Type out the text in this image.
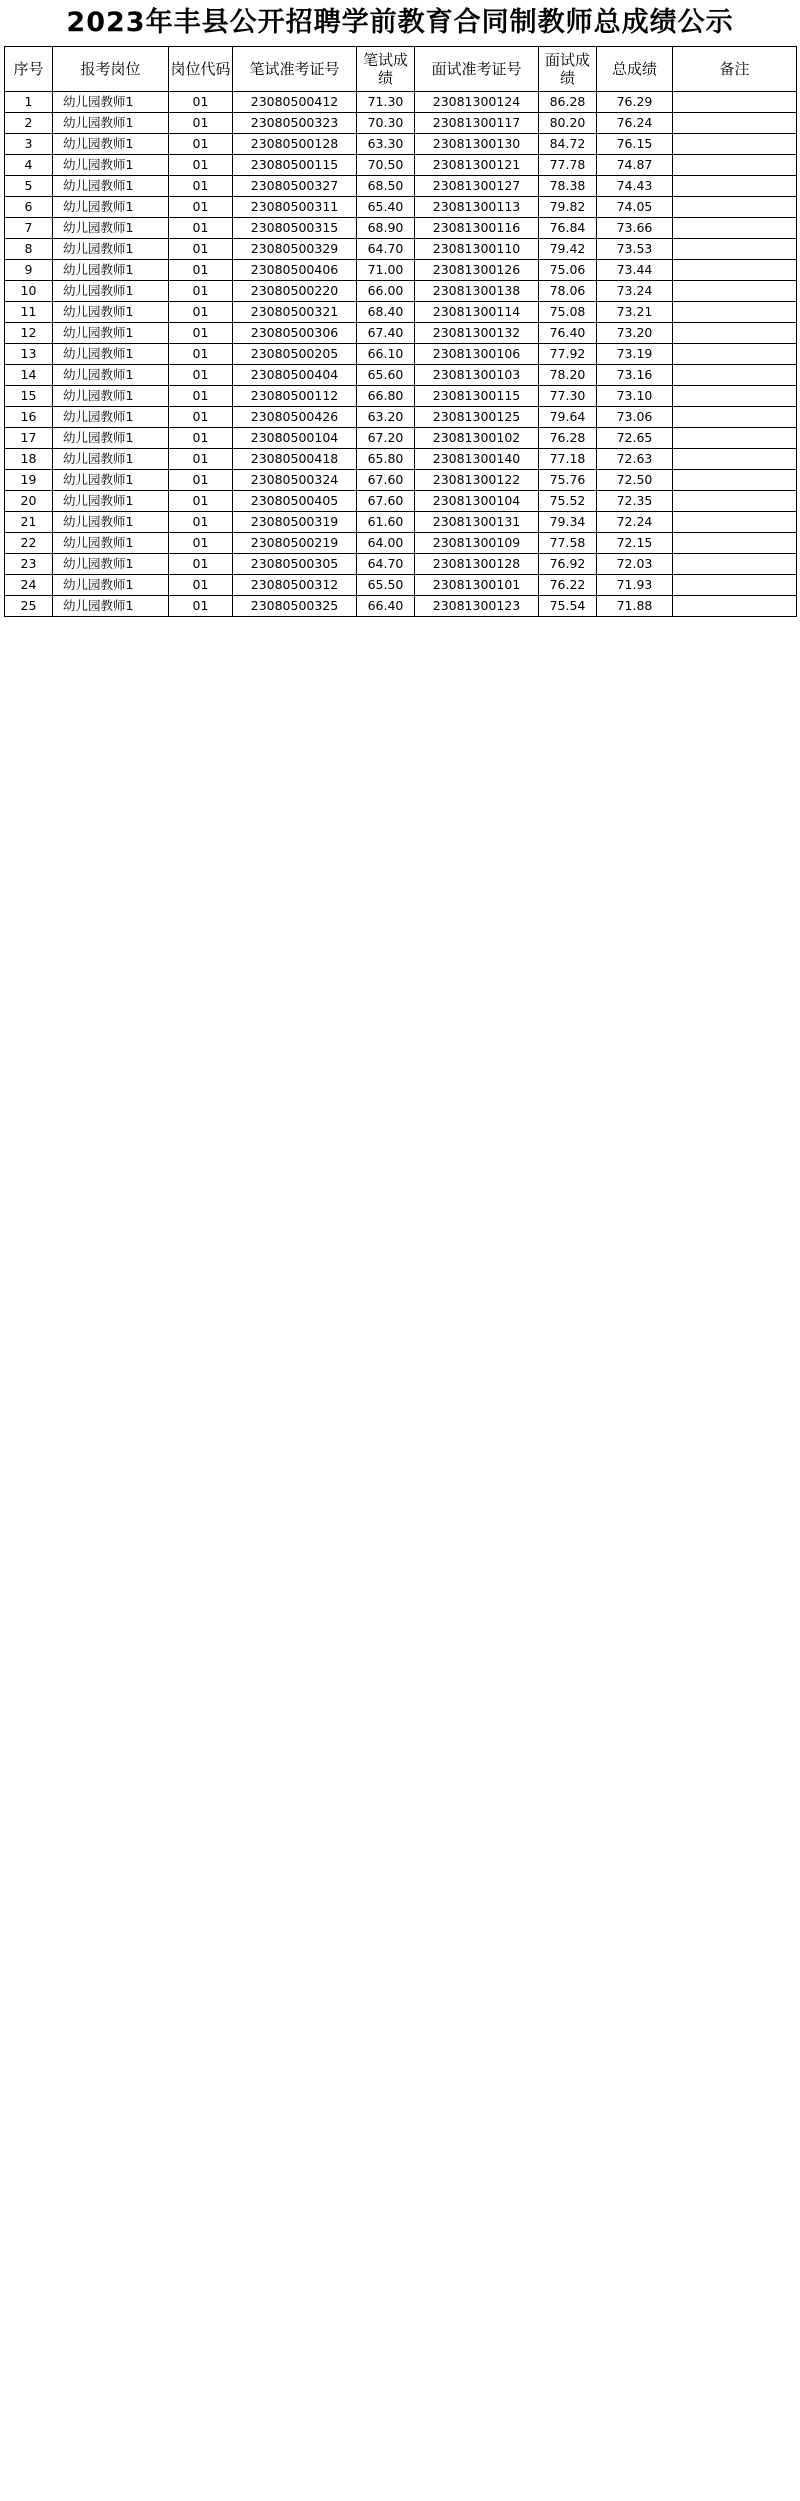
2023年丰县公开招聘学前教育合同制教师总成绩公示
序号	报考岗位	岗位代码	笔试准考证号	笔试成绩	面试准考证号	面试成绩	总成绩	备注
1	幼儿园教师1	01	23080500412	71.30	23081300124	86.28	76.29	
2	幼儿园教师1	01	23080500323	70.30	23081300117	80.20	76.24	
3	幼儿园教师1	01	23080500128	63.30	23081300130	84.72	76.15	
4	幼儿园教师1	01	23080500115	70.50	23081300121	77.78	74.87	
5	幼儿园教师1	01	23080500327	68.50	23081300127	78.38	74.43	
6	幼儿园教师1	01	23080500311	65.40	23081300113	79.82	74.05	
7	幼儿园教师1	01	23080500315	68.90	23081300116	76.84	73.66	
8	幼儿园教师1	01	23080500329	64.70	23081300110	79.42	73.53	
9	幼儿园教师1	01	23080500406	71.00	23081300126	75.06	73.44	
10	幼儿园教师1	01	23080500220	66.00	23081300138	78.06	73.24	
11	幼儿园教师1	01	23080500321	68.40	23081300114	75.08	73.21	
12	幼儿园教师1	01	23080500306	67.40	23081300132	76.40	73.20	
13	幼儿园教师1	01	23080500205	66.10	23081300106	77.92	73.19	
14	幼儿园教师1	01	23080500404	65.60	23081300103	78.20	73.16	
15	幼儿园教师1	01	23080500112	66.80	23081300115	77.30	73.10	
16	幼儿园教师1	01	23080500426	63.20	23081300125	79.64	73.06	
17	幼儿园教师1	01	23080500104	67.20	23081300102	76.28	72.65	
18	幼儿园教师1	01	23080500418	65.80	23081300140	77.18	72.63	
19	幼儿园教师1	01	23080500324	67.60	23081300122	75.76	72.50	
20	幼儿园教师1	01	23080500405	67.60	23081300104	75.52	72.35	
21	幼儿园教师1	01	23080500319	61.60	23081300131	79.34	72.24	
22	幼儿园教师1	01	23080500219	64.00	23081300109	77.58	72.15	
23	幼儿园教师1	01	23080500305	64.70	23081300128	76.92	72.03	
24	幼儿园教师1	01	23080500312	65.50	23081300101	76.22	71.93	
25	幼儿园教师1	01	23080500325	66.40	23081300123	75.54	71.88	
